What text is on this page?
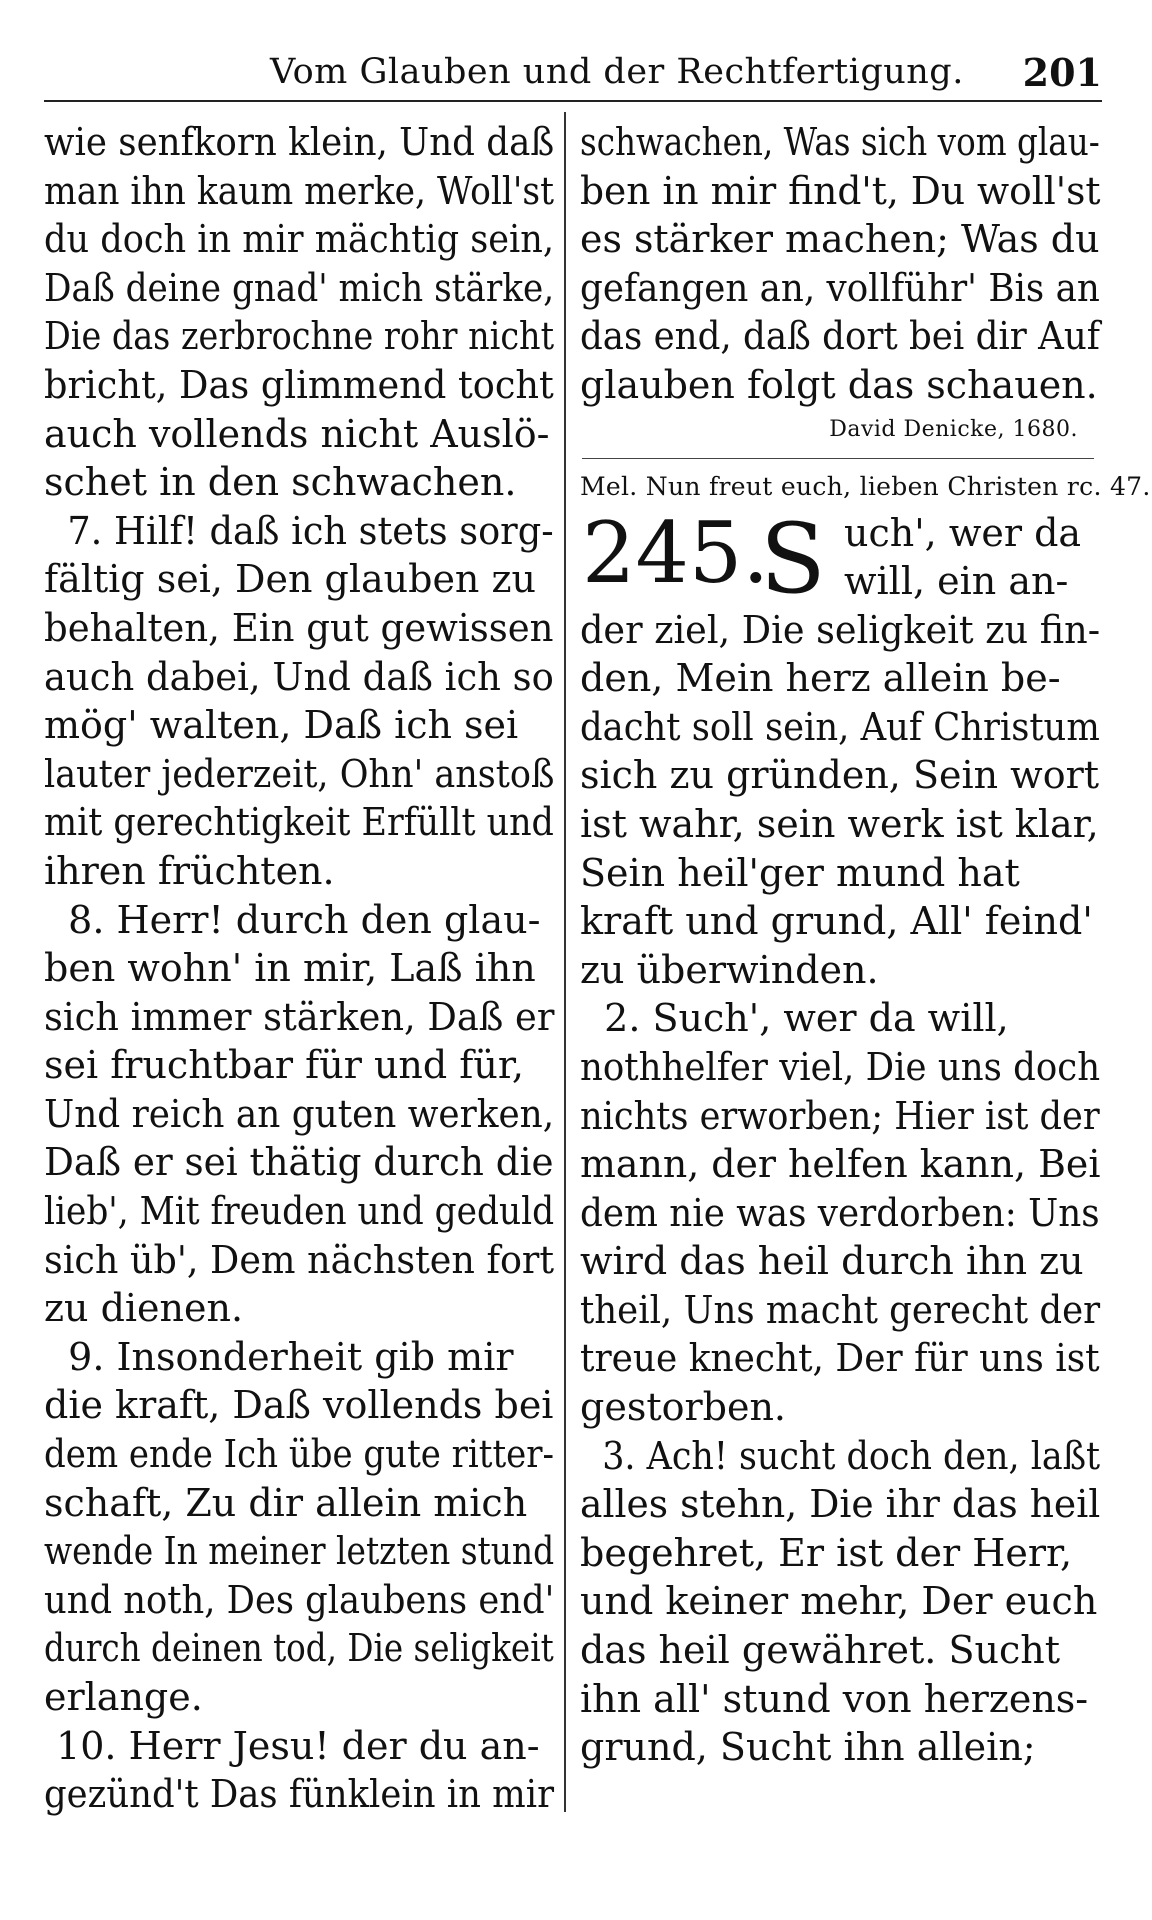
Vom Glauben und der Rechtfertigung. 201
wie senfkorn klein, Und daß
man ihn kaum merke, Woll'st
du doch in mir mächtig sein,
Daß deine gnad' mich stärke,
Die das zerbrochne rohr nicht
bricht, Das glimmend tocht
auch vollends nicht Auslö-
schet in den schwachen.
7. Hilf! daß ich stets sorg-
fältig sei, Den glauben zu
behalten, Ein gut gewissen
auch dabei, Und daß ich so
mög' walten, Daß ich sei
lauter jederzeit, Ohn' anstoß
mit gerechtigkeit Erfüllt und
ihren früchten.
8. Herr! durch den glau-
ben wohn' in mir, Laß ihn
sich immer stärken, Daß er
sei fruchtbar für und für,
Und reich an guten werken,
Daß er sei thätig durch die
lieb', Mit freuden und geduld
sich üb', Dem nächsten fort
zu dienen.
9. Insonderheit gib mir
die kraft, Daß vollends bei
dem ende Ich übe gute ritter-
schaft, Zu dir allein mich
wende In meiner letzten stund
und noth, Des glaubens end'
durch deinen tod, Die seligkeit
erlange.
10. Herr Jesu! der du an-
gezünd't Das fünklein in mir
schwachen, Was sich vom glau-
ben in mir find't, Du woll'st
es stärker machen; Was du
gefangen an, vollführ' Bis an
das end, daß dort bei dir Auf
glauben folgt das schauen.
David Denicke, 1680.
Mel. Nun freut euch, lieben Christen rc. 47.
245.
S uch', wer da
will, ein an-
der ziel, Die seligkeit zu fin-
den, Mein herz allein be-
dacht soll sein, Auf Christum
sich zu gründen, Sein wort
ist wahr, sein werk ist klar,
Sein heil'ger mund hat
kraft und grund, All' feind'
zu überwinden.
2. Such', wer da will,
nothhelfer viel, Die uns doch
nichts erworben; Hier ist der
mann, der helfen kann, Bei
dem nie was verdorben: Uns
wird das heil durch ihn zu
theil, Uns macht gerecht der
treue knecht, Der für uns ist
gestorben.
3. Ach! sucht doch den, laßt
alles stehn, Die ihr das heil
begehret, Er ist der Herr,
und keiner mehr, Der euch
das heil gewähret. Sucht
ihn all' stund von herzens-
grund, Sucht ihn allein;
